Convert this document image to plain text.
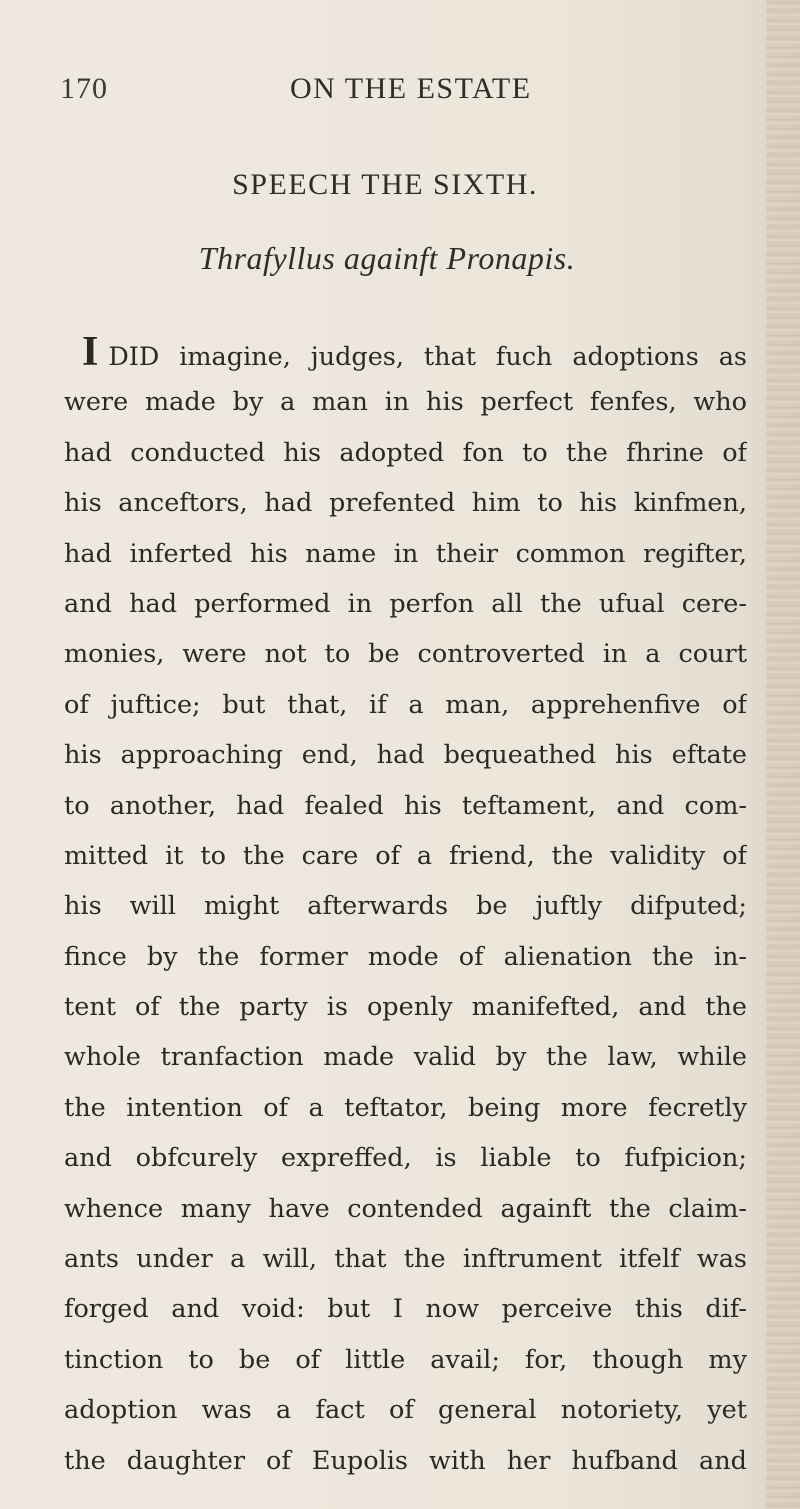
170	ON THE ESTATE
SPEECH THE SIXTH.
Thrafyllus againft Pronapis.
IDID imagine, judges, that fuch adoptions as
were made by a man in his perfect fenfes, who
had conducted his adopted fon to the fhrine of
his anceftors, had prefented him to his kinfmen,
had inferted his name in their common regifter,
and had performed in perfon all the ufual cere-
monies, were not to be controverted in a court
of juftice; but that, if a man, apprehenfive of
his approaching end, had bequeathed his eftate
to another, had fealed his teftament, and com-
mitted it to the care of a friend, the validity of
his will might afterwards be juftly difputed;
fince by the former mode of alienation the in-
tent of the party is openly manifefted, and the
whole tranfaction made valid by the law, while
the intention of a teftator, being more fecretly
and obfcurely expreffed, is liable to fufpicion;
whence many have contended againft the claim-
ants under a will, that the inftrument itfelf was
forged and void: but I now perceive this dif-
tinction to be of little avail; for, though my
adoption was a fact of general notoriety, yet
the daughter of Eupolis with her hufband and
